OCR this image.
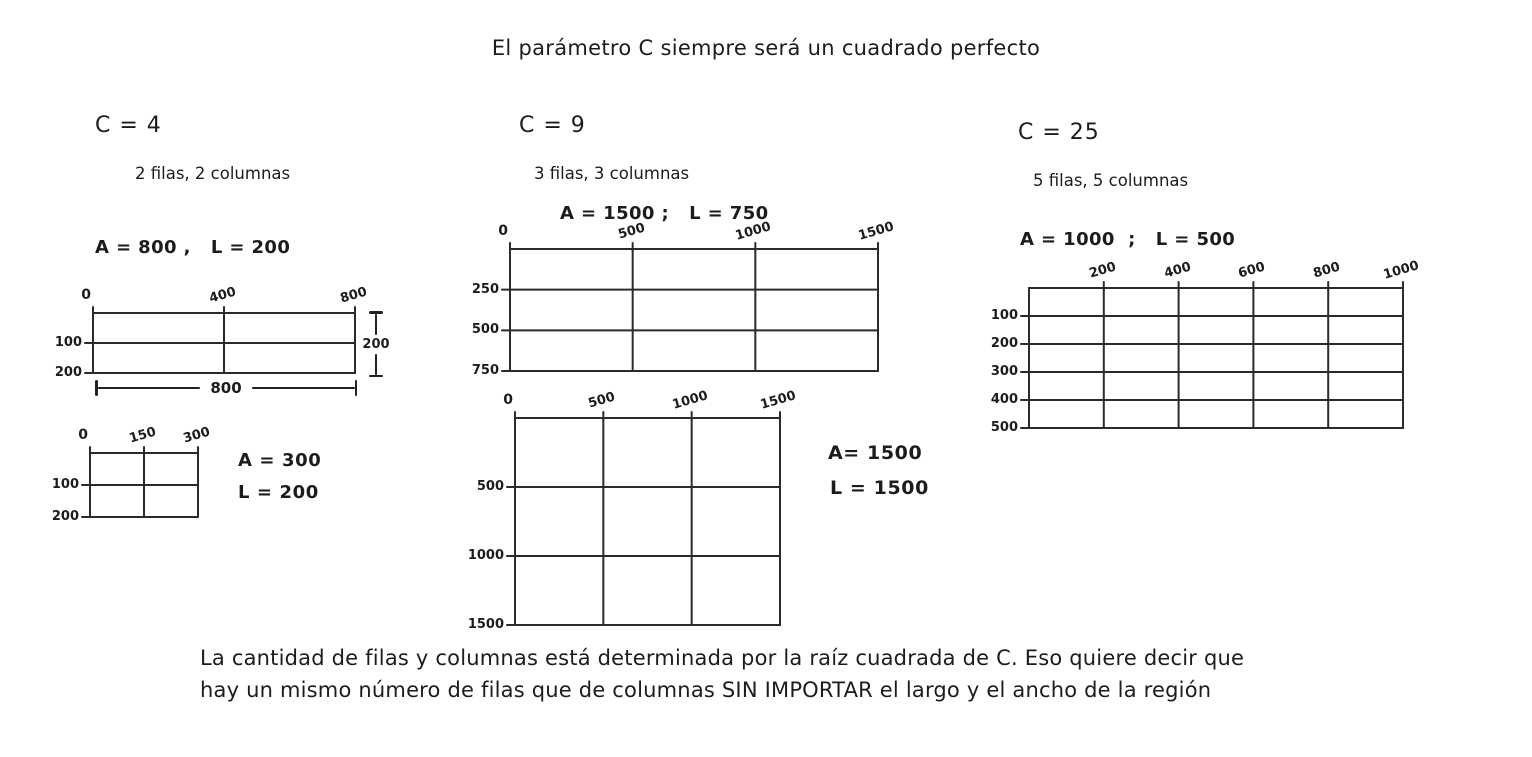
El parámetro C siempre será un cuadrado perfecto
C = 4
2 filas, 2 columnas
A = 800 ,   L = 200
0	400	800
100
200
200
800
0	150 300
100
200
A = 300
L = 200
C = 9
3 filas, 3 columnas
A = 1500 ;   L = 750
0	500	1000	1500
250
500
750
0	500	1000	1500
500
1000
1500
A= 1500
L = 1500
C = 25
5 filas, 5 columnas
A = 1000  ;   L = 500
200	400	600	800	1000
100
200
300
400
500
La cantidad de filas y columnas está determinada por la raíz cuadrada de C. Eso quiere decir que
hay un mismo número de filas que de columnas SIN IMPORTAR el largo y el ancho de la región
